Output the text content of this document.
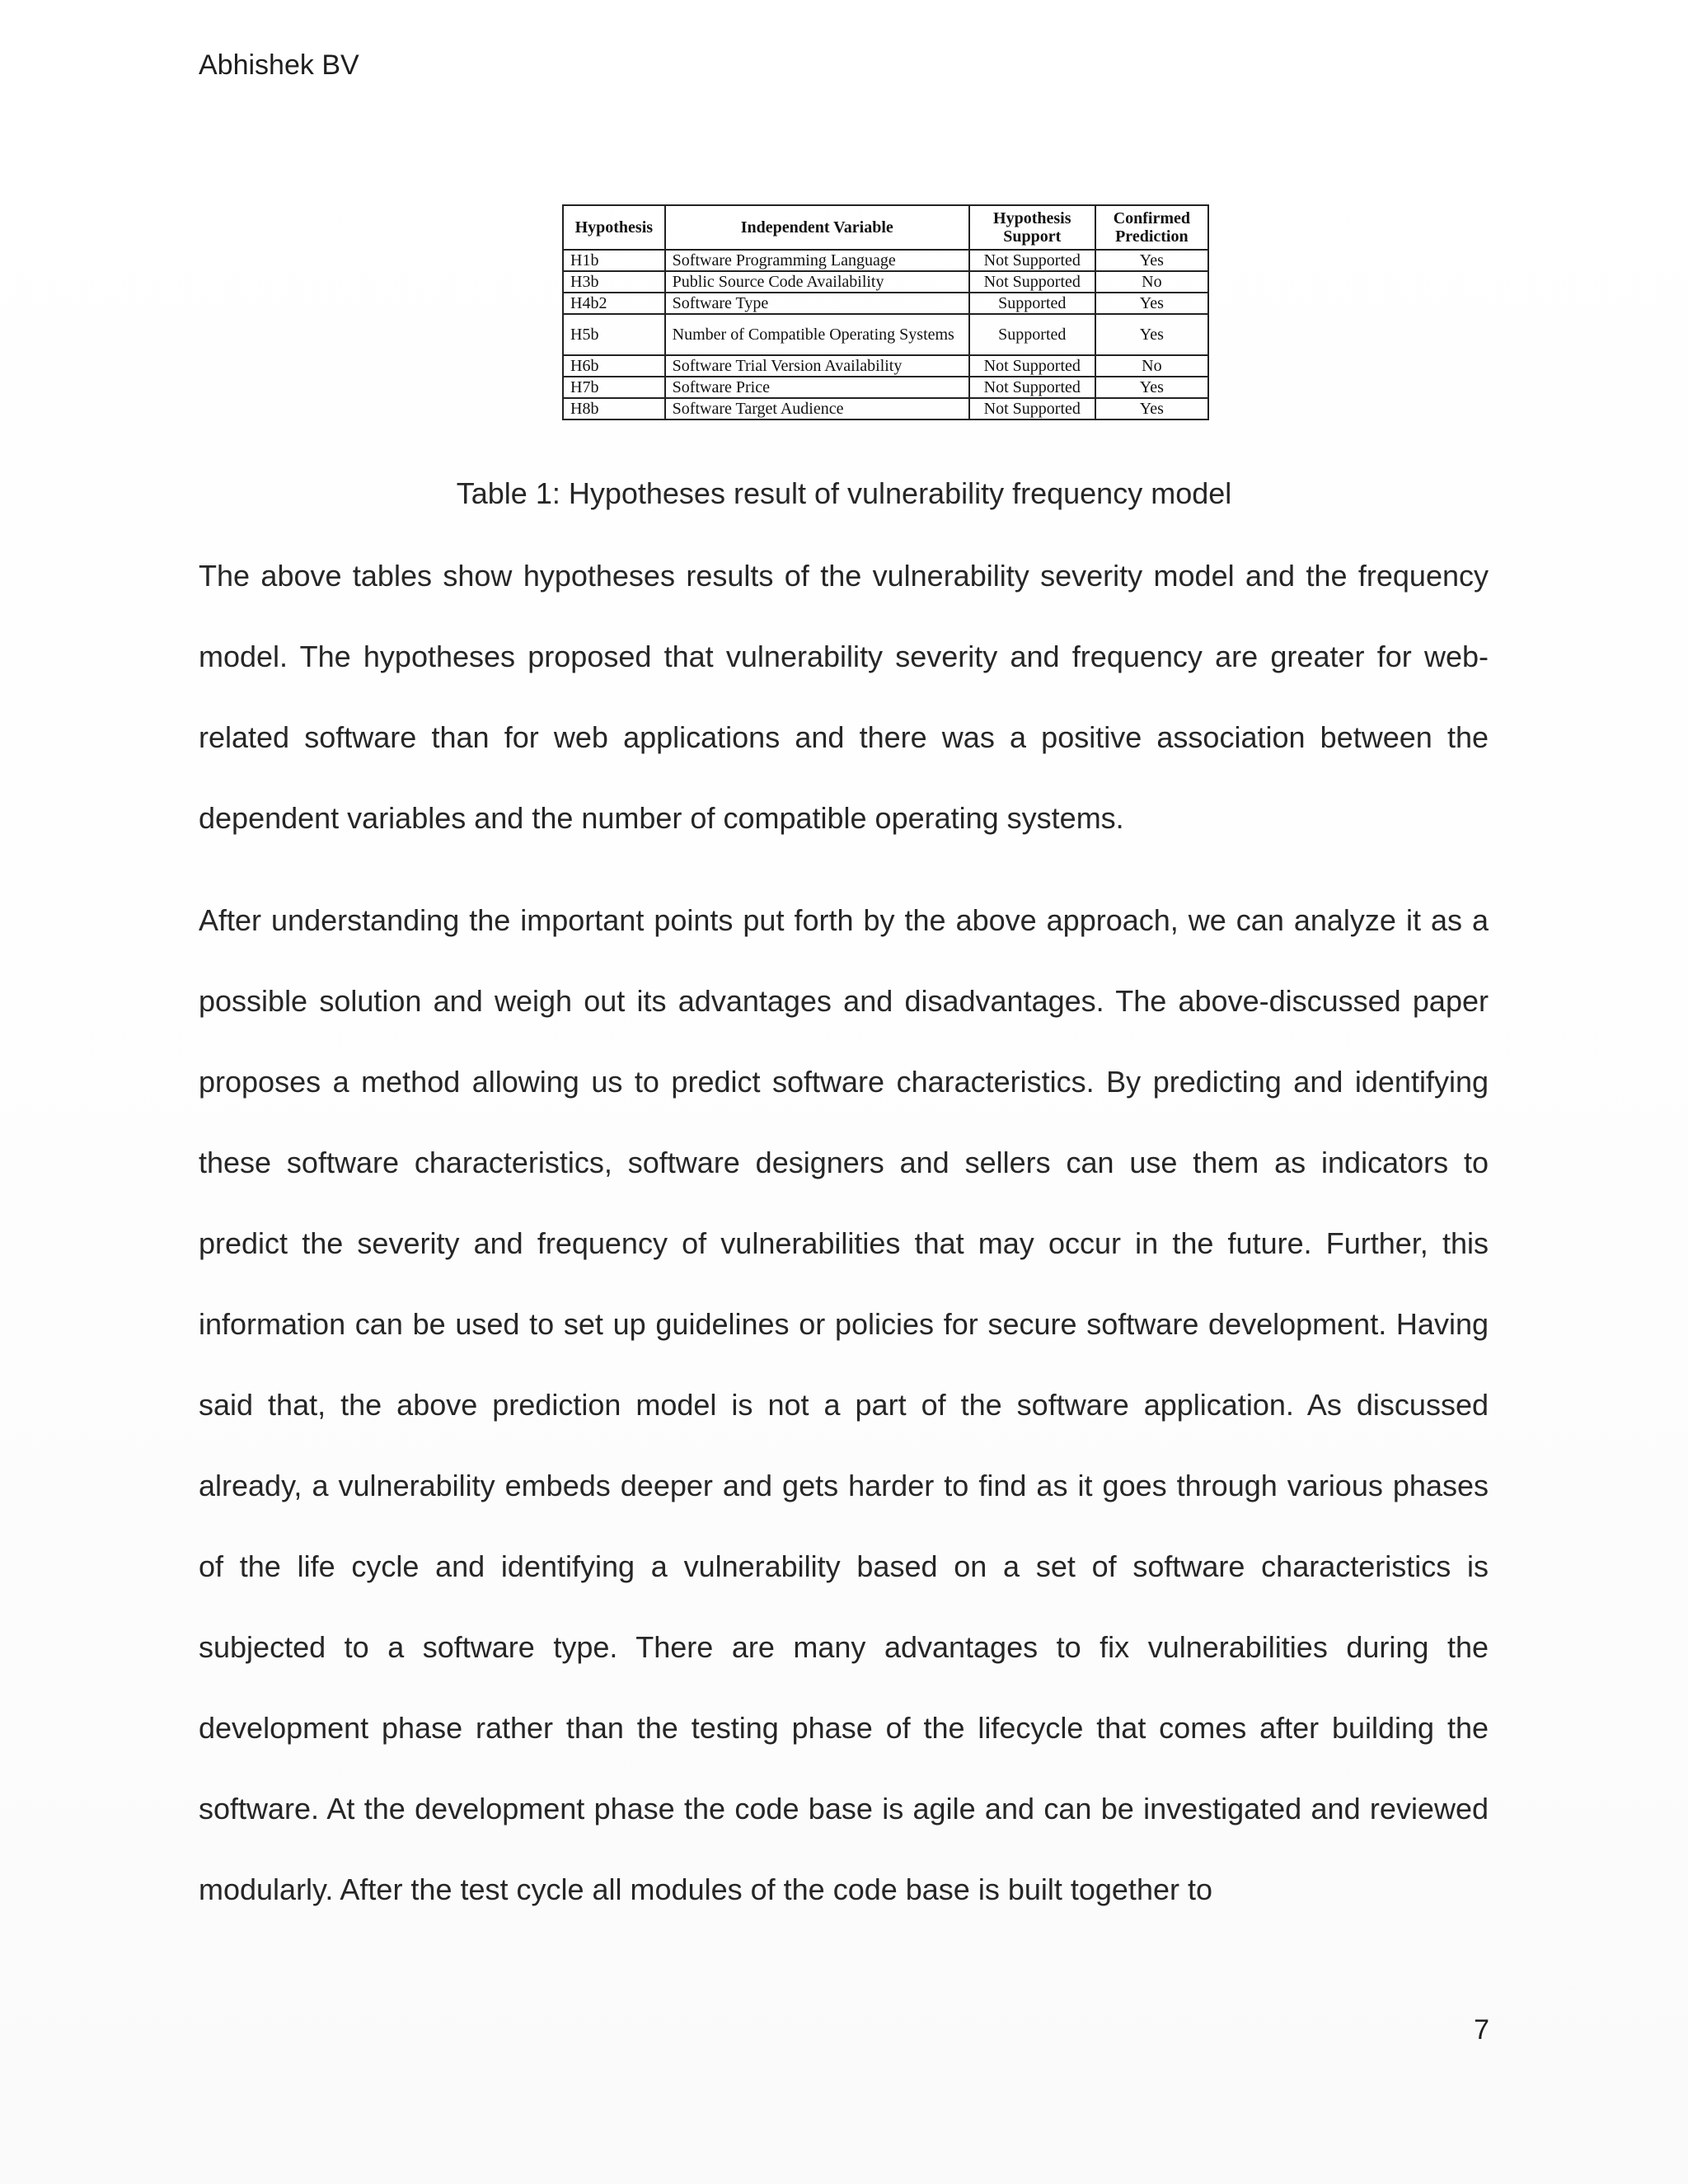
Abhishek BV
Hypothesis	Independent Variable	Hypothesis Support	Confirmed Prediction
H1b	Software Programming Language	Not Supported	Yes
H3b	Public Source Code Availability	Not Supported	No
H4b2	Software Type	Supported	Yes
H5b	Number of Compatible Operating Systems	Supported	Yes
H6b	Software Trial Version Availability	Not Supported	No
H7b	Software Price	Not Supported	Yes
H8b	Software Target Audience	Not Supported	Yes
Table 1: Hypotheses result of vulnerability frequency model

The above tables show hypotheses results of the vulnerability severity model and the frequency model. The hypotheses proposed that vulnerability severity and frequency are greater for web-related software than for web applications and there was a positive association between the dependent variables and the number of compatible operating systems.

After understanding the important points put forth by the above approach, we can analyze it as a possible solution and weigh out its advantages and disadvantages. The above-discussed paper proposes a method allowing us to predict software characteristics. By predicting and identifying these software characteristics, software designers and sellers can use them as indicators to predict the severity and frequency of vulnerabilities that may occur in the future. Further, this information can be used to set up guidelines or policies for secure software development. Having said that, the above prediction model is not a part of the software application. As discussed already, a vulnerability embeds deeper and gets harder to find as it goes through various phases of the life cycle and identifying a vulnerability based on a set of software characteristics is subjected to a software type. There are many advantages to fix vulnerabilities during the development phase rather than the testing phase of the lifecycle that comes after building the software. At the development phase the code base is agile and can be investigated and reviewed modularly. After the test cycle all modules of the code base is built together to

7
